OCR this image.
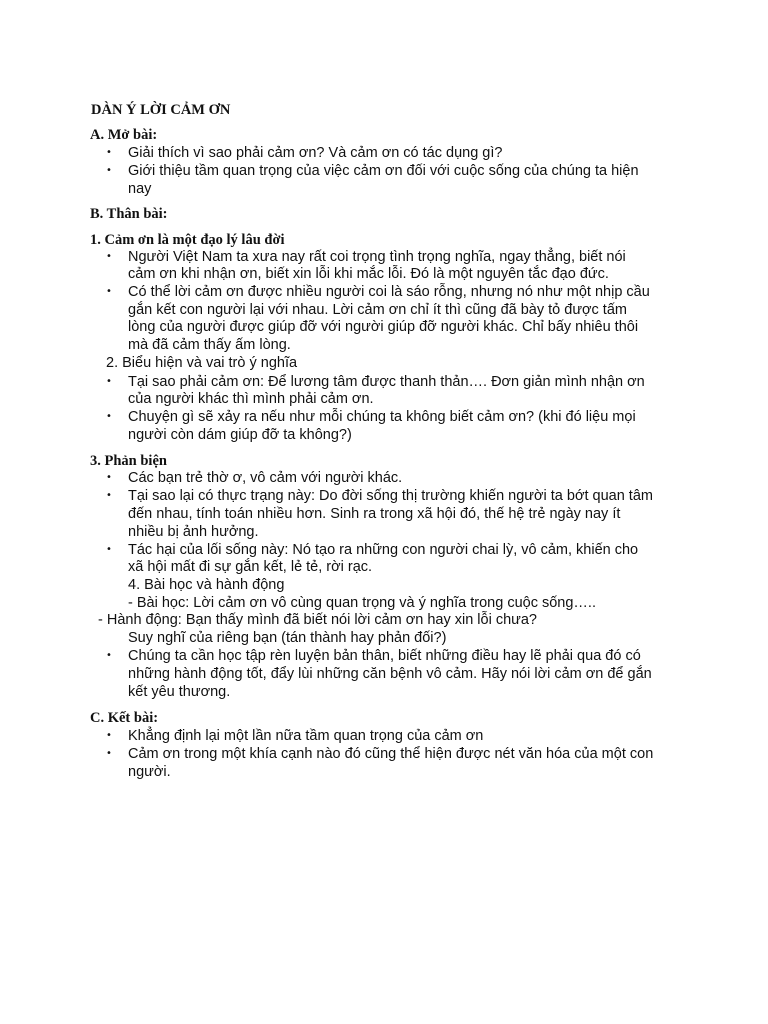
DÀN Ý LỜI CẢM ƠN
A. Mở bài:
• Giải thích vì sao phải cảm ơn? Và cảm ơn có tác dụng gì?
• Giới thiệu tầm quan trọng của việc cảm ơn đối với cuộc sống của chúng ta hiện
nay
B. Thân bài:
1. Cảm ơn là một đạo lý lâu đời
• Người Việt Nam ta xưa nay rất coi trọng tình trọng nghĩa, ngay thẳng, biết nói
cảm ơn khi nhận ơn, biết xin lỗi khi mắc lỗi. Đó là một nguyên tắc đạo đức.
• Có thể lời cảm ơn được nhiều người coi là sáo rỗng, nhưng nó như một nhịp cầu
gắn kết con người lại với nhau. Lời cảm ơn chỉ ít thì cũng đã bày tỏ được tấm
lòng của người được giúp đỡ với người giúp đỡ người khác. Chỉ bấy nhiêu thôi
mà đã cảm thấy ấm lòng.
2. Biểu hiện và vai trò ý nghĩa
• Tại sao phải cảm ơn: Để lương tâm được thanh thản…. Đơn giản mình nhận ơn
của người khác thì mình phải cảm ơn.
• Chuyện gì sẽ xảy ra nếu như mỗi chúng ta không biết cảm ơn? (khi đó liệu mọi
người còn dám giúp đỡ ta không?)
3. Phản biện
• Các bạn trẻ thờ ơ, vô cảm với người khác.
• Tại sao lại có thực trạng này: Do đời sống thị trường khiến người ta bớt quan tâm
đến nhau, tính toán nhiều hơn. Sinh ra trong xã hội đó, thế hệ trẻ ngày nay ít
nhiều bị ảnh hưởng.
• Tác hại của lối sống này: Nó tạo ra những con người chai lỳ, vô cảm, khiến cho
xã hội mất đi sự gắn kết, lẻ tẻ, rời rạc.
4. Bài học và hành động
- Bài học: Lời cảm ơn vô cùng quan trọng và ý nghĩa trong cuộc sống…..
- Hành động: Bạn thấy mình đã biết nói lời cảm ơn hay xin lỗi chưa?
Suy nghĩ của riêng bạn (tán thành hay phản đối?)
• Chúng ta cần học tập rèn luyện bản thân, biết những điều hay lẽ phải qua đó có
những hành động tốt, đẩy lùi những căn bệnh vô cảm. Hãy nói lời cảm ơn để gắn
kết yêu thương.
C. Kết bài:
• Khẳng định lại một lần nữa tầm quan trọng của cảm ơn
• Cảm ơn trong một khía cạnh nào đó cũng thể hiện được nét văn hóa của một con
người.
